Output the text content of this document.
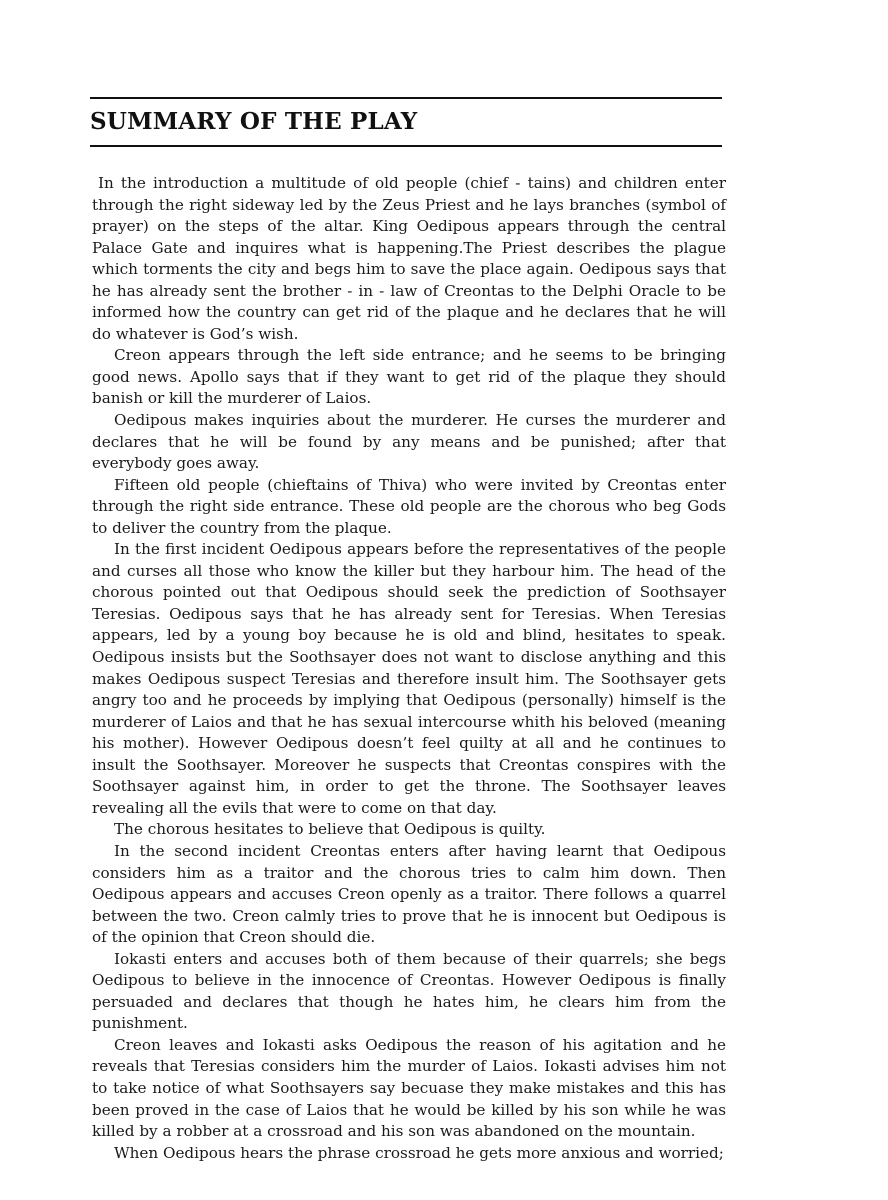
SUMMARY OF THE PLAY

In the introduction a multitude of old people (chief - tains) and children enter through the right sideway led by the Zeus Priest and he lays branches (symbol of prayer) on the steps of the altar. King Oedipous appears through the central Palace Gate and inquires what is happening.The Priest describes the plague which torments the city and begs him to save the place again. Oedipous says that he has already sent the brother - in - law of Creontas to the Delphi Oracle to be informed how the country can get rid of the plaque and he declares that he will do whatever is God’s wish.

Creon appears through the left side entrance; and he seems to be bringing good news. Apollo says that if they want to get rid of the plaque they should banish or kill the murderer of Laios.

Oedipous makes inquiries about the murderer. He curses the murderer and declares that he will be found by any means and be punished; after that everybody goes away.

Fifteen old people (chieftains of Thiva) who were invited by Creontas enter through the right side entrance. These old people are the chorous who beg Gods to deliver the country from the plaque.

In the first incident Oedipous appears before the representatives of the people and curses all those who know the killer but they harbour him. The head of the chorous pointed out that Oedipous should seek the prediction of Soothsayer Teresias. Oedipous says that he has already sent for Teresias. When Teresias appears, led by a young boy because he is old and blind, hesitates to speak. Oedipous insists but the Soothsayer does not want to disclose anything and this makes Oedipous suspect Teresias and therefore insult him. The Soothsayer gets angry too and he proceeds by implying that Oedipous (personally) himself is the murderer of Laios and that he has sexual intercourse whith his beloved (meaning his mother). However Oedipous doesn’t feel quilty at all and he continues to insult the Soothsayer. Moreover he suspects that Creontas conspires with the Soothsayer against him, in order to get the throne. The Soothsayer leaves revealing all the evils that were to come on that day.

The chorous hesitates to believe that Oedipous is quilty.

In the second incident Creontas enters after having learnt that Oedipous considers him as a traitor and the chorous tries to calm him down. Then Oedipous appears and accuses Creon openly as a traitor. There follows a quarrel between the two. Creon calmly tries to prove that he is innocent but Oedipous is of the opinion that Creon should die.

Iokasti enters and accuses both of them because of their quarrels; she begs Oedipous to believe in the innocence of Creontas. However Oedipous is finally persuaded and declares that though he hates him, he clears him from the punishment.

Creon leaves and Iokasti asks Oedipous the reason of his agitation and he reveals that Teresias considers him the murder of Laios. Iokasti advises him not to take notice of what Soothsayers say becuase they make mistakes and this has been proved in the case of Laios that he would be killed by his son while he was killed by a robber at a crossroad and his son was abandoned on the mountain.

When Oedipous hears the phrase crossroad he gets more anxious and worried;
